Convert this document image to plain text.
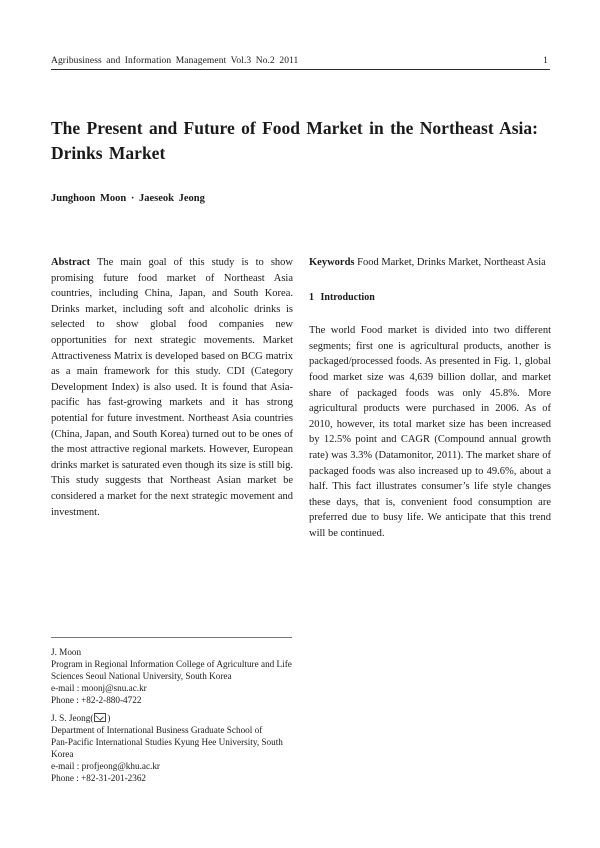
Agribusiness and Information Management Vol.3 No.2 2011	1
The Present and Future of Food Market in the Northeast Asia: Drinks Market
Junghoon Moon · Jaeseok Jeong

Abstract The main goal of this study is to show promising future food market of Northeast Asia countries, including China, Japan, and South Korea. Drinks market, including soft and alcoholic drinks is selected to show global food companies new opportunities for next strategic movements. Market Attractiveness Matrix is developed based on BCG matrix as a main framework for this study. CDI (Category Development Index) is also used. It is found that Asia-pacific has fast-growing markets and it has strong potential for future investment. Northeast Asia countries (China, Japan, and South Korea) turned out to be ones of the most attractive regional markets. However, European drinks market is saturated even though its size is still big. This study suggests that Northeast Asian market be considered a market for the next strategic movement and investment.

Keywords Food Market, Drinks Market, Northeast Asia

1 Introduction

The world Food market is divided into two different segments; first one is agricultural products, another is packaged/processed foods. As presented in Fig. 1, global food market size was 4,639 billion dollar, and market share of packaged foods was only 45.8%. More agricultural products were purchased in 2006. As of 2010, however, its total market size has been increased by 12.5% point and CAGR (Compound annual growth rate) was 3.3% (Datamonitor, 2011). The market share of packaged foods was also increased up to 49.6%, about a half. This fact illustrates consumer’s life style changes these days, that is, convenient food consumption are preferred due to busy life. We anticipate that this trend will be continued.

J. Moon
Program in Regional Information College of Agriculture and Life
Sciences Seoul National University, South Korea
e-mail : moonj@snu.ac.kr
Phone : +82-2-880-4722
J. S. Jeong( )
Department of International Business Graduate School of
Pan-Pacific International Studies Kyung Hee University, South
Korea
e-mail : profjeong@khu.ac.kr
Phone : +82-31-201-2362
